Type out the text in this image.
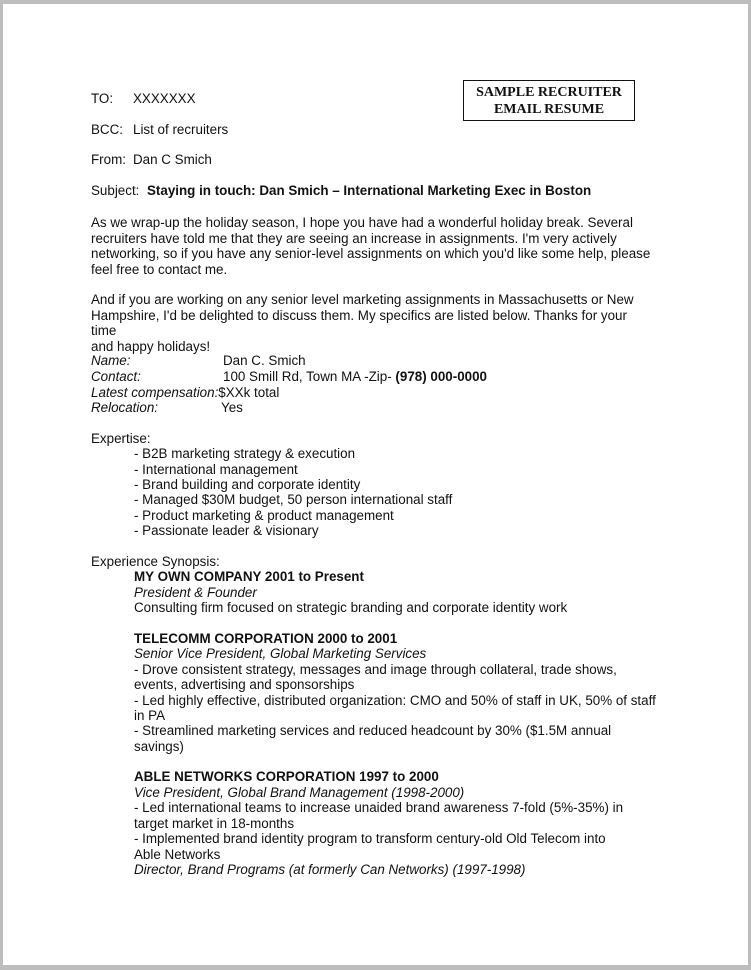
SAMPLE RECRUITER
EMAIL RESUME
TO: XXXXXXX
BCC: List of recruiters
From: Dan C Smich
Subject: Staying in touch: Dan Smich – International Marketing Exec in Boston
As we wrap-up the holiday season, I hope you have had a wonderful holiday break. Several
recruiters have told me that they are seeing an increase in assignments. I'm very actively
networking, so if you have any senior-level assignments on which you'd like some help, please
feel free to contact me.
And if you are working on any senior level marketing assignments in Massachusetts or New
Hampshire, I'd be delighted to discuss them. My specifics are listed below. Thanks for your time
and happy holidays!
Name:	Dan C. Smich
Contact:	100 Smill Rd, Town MA -Zip- (978) 000-0000
Latest compensation:$XXk total
Relocation:	Yes
Expertise:
- B2B marketing strategy & execution
- International management
- Brand building and corporate identity
- Managed $30M budget, 50 person international staff
- Product marketing & product management
- Passionate leader & visionary
Experience Synopsis:
MY OWN COMPANY 2001 to Present
President & Founder
Consulting firm focused on strategic branding and corporate identity work
TELECOMM CORPORATION 2000 to 2001
Senior Vice President, Global Marketing Services
- Drove consistent strategy, messages and image through collateral, trade shows,
events, advertising and sponsorships
- Led highly effective, distributed organization: CMO and 50% of staff in UK, 50% of staff
in PA
- Streamlined marketing services and reduced headcount by 30% ($1.5M annual
savings)
ABLE NETWORKS CORPORATION 1997 to 2000
Vice President, Global Brand Management (1998-2000)
- Led international teams to increase unaided brand awareness 7-fold (5%-35%) in
target market in 18-months
- Implemented brand identity program to transform century-old Old Telecom into
Able Networks
Director, Brand Programs (at formerly Can Networks) (1997-1998)
